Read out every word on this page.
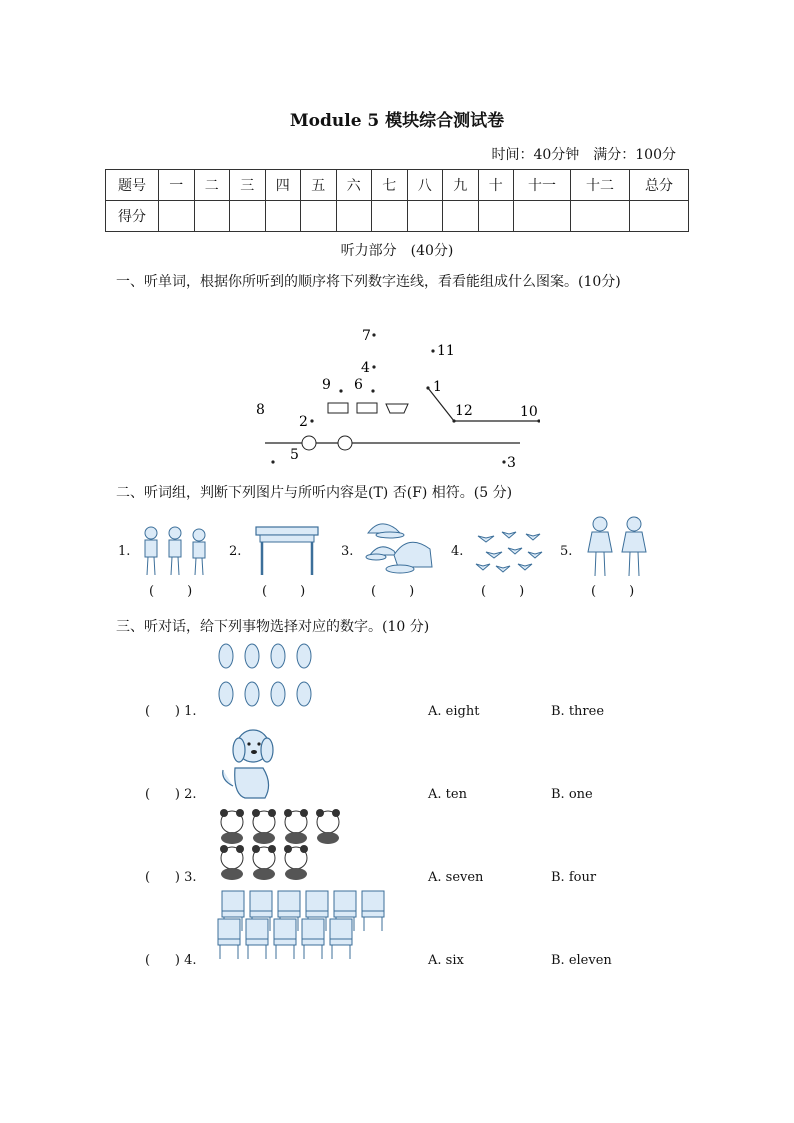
Module 5 模块综合测试卷
时间：40分钟　满分：100分
题号	一	二	三	四	五	六	七	八	九	十	十一	十二	总分
得分													
听力部分　(40分)
一、听单词，根据你所听到的顺序将下列数字连线，看看能组成什么图案。(10分)
7
11
4
9 6	1
8
2
12	10
5	3
二、听词组，判断下列图片与所听内容是(T) 否(F) 相符。(5 分)
1.
(        )
2.
(        )
3.
(        )
4.
(        )
5.
(        )
三、听对话，给下列事物选择对应的数字。(10 分)
(      ) 1.	A. eight	B. three
(      ) 2.	A. ten	B. one
(      ) 3.	A. seven	B. four
(      ) 4.	A. six	B. eleven
